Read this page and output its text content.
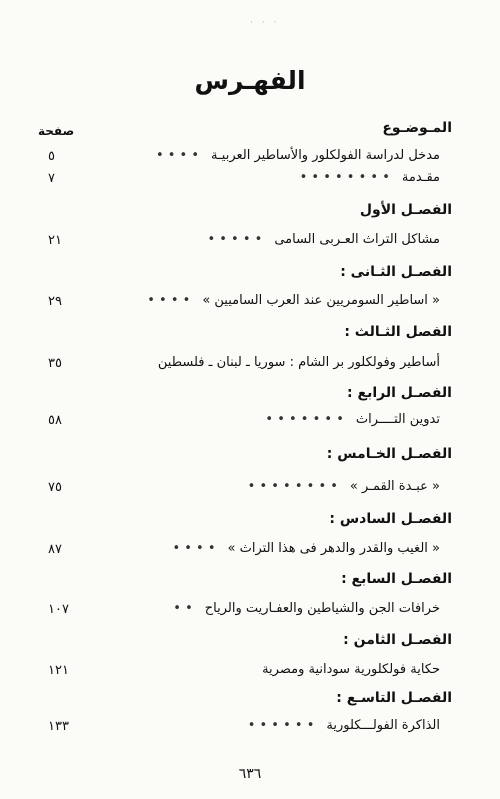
· · ·
الفهـرس
المـوضـوع
صفحة
مدخل لدراسة الفولكلور والأساطير العربيـة• • • •
٥
مقـدمة• • • • • • • •
٧
الفصـل الأول
مشاكل التراث العـربى السامى• • • • •
٢١
الفصـل الثـانى :
« اساطير السومريين عند العرب الساميين »• • • •
٢٩
الفصل الثـالث :
أساطير وفولكلور بر الشام : سوريا ـ لبنان ـ فلسطين
٣٥
الفصـل الرابع :
تدوين التــــراث• • • • • • •
٥٨
الفصـل الخـامس :
« عبـدة القمـر »• • • • • • • •
٧٥
الفصـل السادس :
« الغيب والقدر والدهر فى هذا التراث »• • • •
٨٧
الفصـل السابع :
خرافات الجن والشياطين والعفـاريت والرياح• •
١٠٧
الفصـل الثامن :
حكاية فولكلورية سودانية ومصرية
١٢١
الفصـل التاسـع :
الذاكرة الفولـــكلورية• • • • • •
١٣٣
٦٣٦
